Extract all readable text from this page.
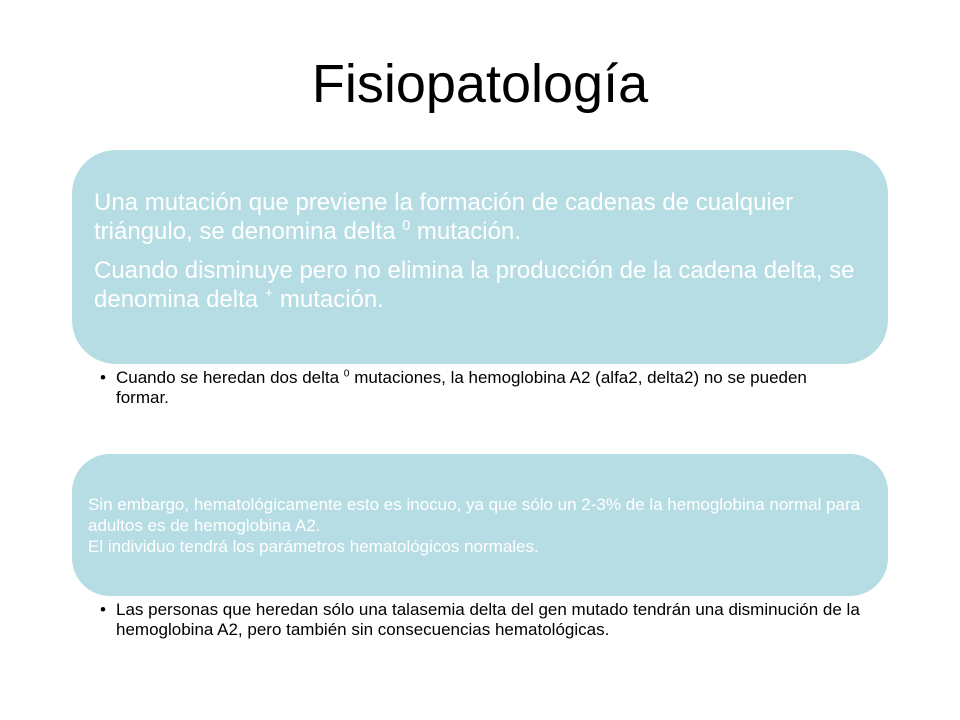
Fisiopatología

Una mutación que previene la formación de cadenas de cualquier triángulo, se denomina delta $^0$ mutación.

Cuando disminuye pero no elimina la producción de la cadena delta, se denomina delta + mutación.

• Cuando se heredan dos delta $^0$ mutaciones, la hemoglobina A2 (alfa2, delta2) no se pueden formar.
Sin embargo, hematológicamente esto es inocuo, ya que sólo un 2-3% de la hemoglobina normal para adultos es de hemoglobina A2.
El individuo tendrá los parámetros hematológicos normales.
• Las personas que heredan sólo una talasemia delta del gen mutado tendrán una disminución de la hemoglobina A2, pero también sin consecuencias hematológicas.
